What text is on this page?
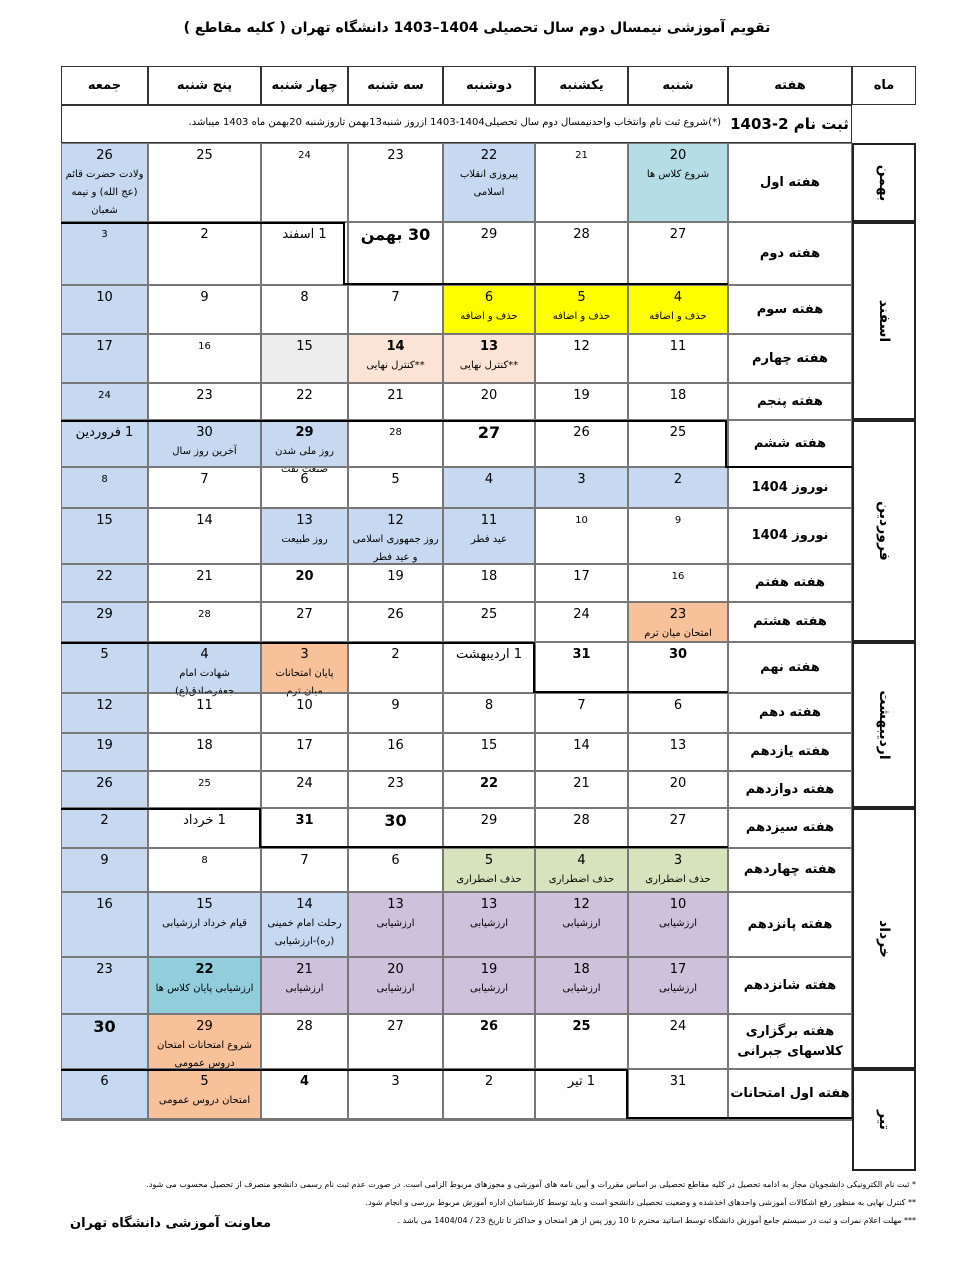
تقویم آموزشی نیمسال دوم سال تحصیلی 1404–1403 دانشگاه تهران ( کلیه مقاطع )
ماه
هفته
شنبه
یکشنبه
دوشنبه
سه شنبه
چهار شنبه
پنج شنبه
جمعه
ثبت نام 2-1403
(*)شروع ثبت نام وانتخاب واحدنیمسال دوم سال تحصیلی1404-1403 ازروز شنبه13بهمن تاروزشنبه 20بهمن ماه 1403 میباشد.
بهمن
اسفند
فروردین
اردیبهشت
خرداد
تیر
هفته اول
20
شروع کلاس ها
21
22
پیروزی انقلاب اسلامی
23
24
25
26
ولادت حضرت قائم (عج الله) و نیمه شعبان
هفته دوم
27
28
29
30 بهمن
1 اسفند
2
3
هفته سوم
4
حذف و اضافه
5
حذف و اضافه
6
حذف و اضافه
7
8
9
10
هفته چهارم
11
12
13
**کنترل نهایی
14
**کنترل نهایی
15
16
17
هفته پنجم
18
19
20
21
22
23
24
هفته ششم
25
26
27
28
29
روز ملی شدن صنعت نفت
30
آخرین روز سال
1 فروردین
نوروز 1404
2
3
4
5
6
7
8
نوروز 1404
9
10
11
عید فطر
12
روز جمهوری اسلامی و عید فطر
13
روز طبیعت
14
15
هفته هفتم
16
17
18
19
20
21
22
هفته هشتم
23
امتحان میان ترم
24
25
26
27
28
29
هفته نهم
30
31
1 اردیبهشت
2
3
پایان امتحانات میان ترم
4
شهادت امام جعفرصادق(ع)
5
هفته دهم
6
7
8
9
10
11
12
هفته یازدهم
13
14
15
16
17
18
19
هفته دوازدهم
20
21
22
23
24
25
26
هفته سیزدهم
27
28
29
30
31
1 خرداد
2
هفته چهاردهم
3
حذف اضطراری
4
حذف اضطراری
5
حذف اضطراری
6
7
8
9
هفته پانزدهم
10
ارزشیابی
12
ارزشیابی
13
ارزشیابی
13
ارزشیابی
14
رحلت امام خمینی (ره)-ارزشیابی
15
قیام خرداد ارزشیابی
16
هفته شانزدهم
17
ارزشیابی
18
ارزشیابی
19
ارزشیابی
20
ارزشیابی
21
ارزشیابی
22
ارزشیابی پایان کلاس ها
23
هفته برگزاری کلاسهای جبرانی
24
25
26
27
28
29
شروع امتحانات امتحان دروس عمومی
30
هفته اول امتحانات
31
1 تیر
2
3
4
5
امتحان دروس عمومی
6
* ثبت نام الکترونیکی دانشجویان مجاز به ادامه تحصیل در کلیه مقاطع تحصیلی بر اساس مقررات و آیین نامه های آموزشی و مجوزهای مربوط الزامی است. در صورت عدم ثبت نام رسمی دانشجو منصرف از تحصیل محسوب می شود.
** کنترل نهایی به منظور رفع اشکالات آموزشی واحدهای اخذشده و وضعیت تحصیلی دانشجو است و باید توسط کارشناسان اداره آموزش مربوط بررسی و انجام شود.
*** مهلت اعلام نمرات و ثبت در سیستم جامع آموزش دانشگاه توسط اساتید محترم تا 10 روز پس از هر امتحان و حداکثر تا تاریخ 23 / 1404/04 می باشد .
معاونت آموزشی دانشگاه تهران
